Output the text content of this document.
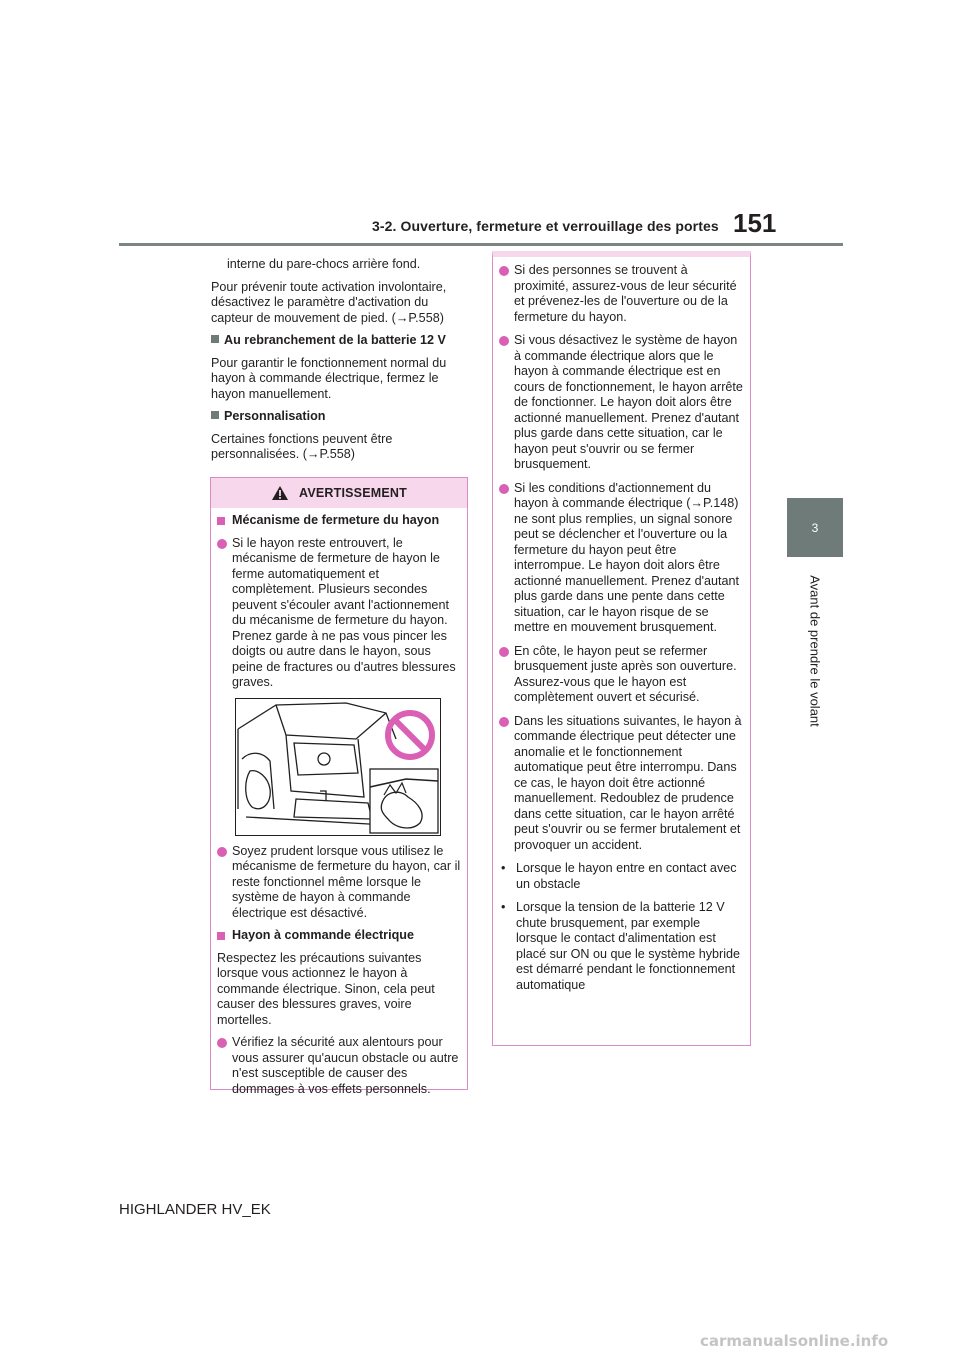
3-2. Ouverture, fermeture et verrouillage des portes 151
3
Avant de prendre le volant

interne du pare-chocs arrière fond.

Pour prévenir toute activation involontaire, désactivez le paramètre d'activation du capteur de mouvement de pied. (→P.558)

Au rebranchement de la batterie 12 V

Pour garantir le fonctionnement normal du hayon à commande électrique, fermez le hayon manuellement.

Personnalisation

Certaines fonctions peuvent être personnalisées. (→P.558)

AVERTISSEMENT

Mécanisme de fermeture du hayon

Si le hayon reste entrouvert, le mécanisme de fermeture de hayon le ferme automatiquement et complètement. Plusieurs secondes peuvent s'écouler avant l'actionnement du mécanisme de fermeture du hayon. Prenez garde à ne pas vous pincer les doigts ou autre dans le hayon, sous peine de fractures ou d'autres blessures graves.

Soyez prudent lorsque vous utilisez le mécanisme de fermeture du hayon, car il reste fonctionnel même lorsque le système de hayon à commande électrique est désactivé.

Hayon à commande électrique

Respectez les précautions suivantes lorsque vous actionnez le hayon à commande électrique. Sinon, cela peut causer des blessures graves, voire mortelles.

Vérifiez la sécurité aux alentours pour vous assurer qu'aucun obstacle ou autre n'est susceptible de causer des dommages à vos effets personnels.

Si des personnes se trouvent à proximité, assurez-vous de leur sécurité et prévenez-les de l'ouverture ou de la fermeture du hayon.

Si vous désactivez le système de hayon à commande électrique alors que le hayon à commande électrique est en cours de fonctionnement, le hayon arrête de fonctionner. Le hayon doit alors être actionné manuellement. Prenez d'autant plus garde dans cette situation, car le hayon peut s'ouvrir ou se fermer brusquement.

Si les conditions d'actionnement du hayon à commande électrique (→P.148) ne sont plus remplies, un signal sonore peut se déclencher et l'ouverture ou la fermeture du hayon peut être interrompue. Le hayon doit alors être actionné manuellement. Prenez d'autant plus garde dans une pente dans cette situation, car le hayon risque de se mettre en mouvement brusquement.

En côte, le hayon peut se refermer brusquement juste après son ouverture. Assurez-vous que le hayon est complètement ouvert et sécurisé.

Dans les situations suivantes, le hayon à commande électrique peut détecter une anomalie et le fonctionnement automatique peut être interrompu. Dans ce cas, le hayon doit être actionné manuellement. Redoublez de prudence dans cette situation, car le hayon arrêté peut s'ouvrir ou se fermer brutalement et provoquer un accident.

• Lorsque le hayon entre en contact avec un obstacle

• Lorsque la tension de la batterie 12 V chute brusquement, par exemple lorsque le contact d'alimentation est placé sur ON ou que le système hybride est démarré pendant le fonctionnement automatique

HIGHLANDER HV_EK
carmanualsonline.info
